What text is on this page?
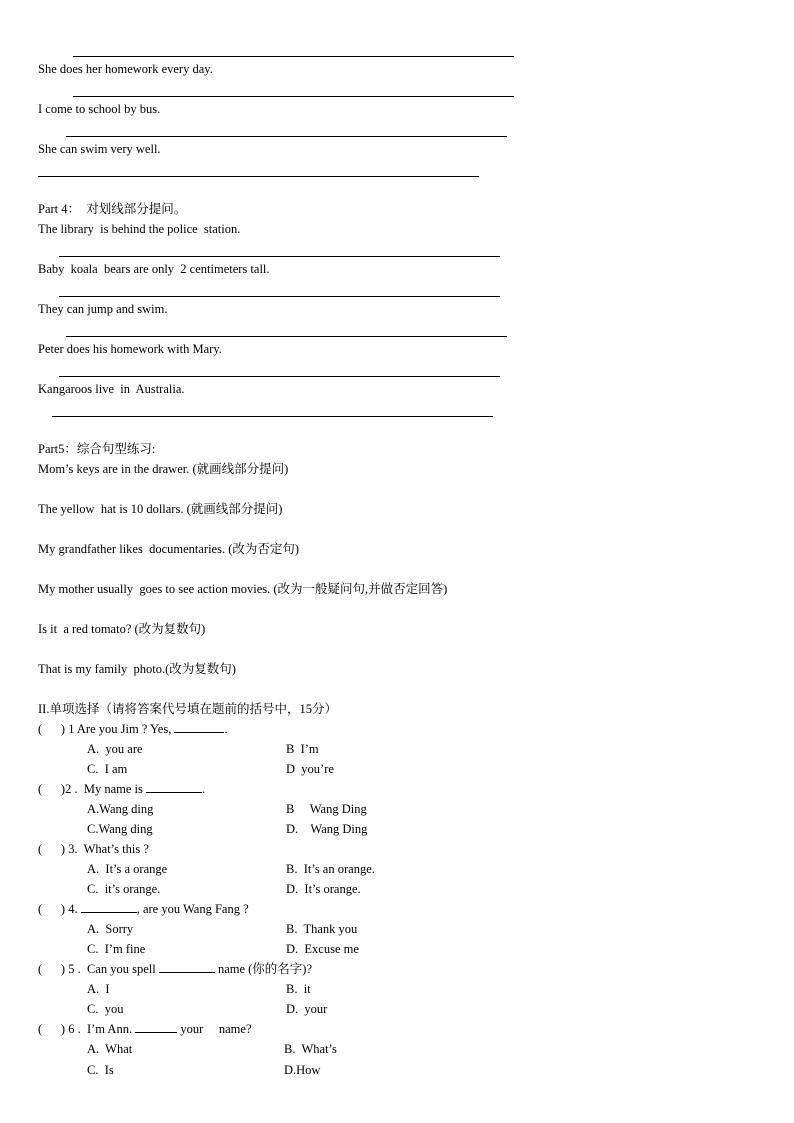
She does her homework every day.
I come to school by bus.
She can swim very well.
Part 4：  对划线部分提问。
The library  is behind the police  station.
Baby  koala  bears are only  2 centimeters tall.
They can jump and swim.
Peter does his homework with Mary.
Kangaroos live  in  Australia.
Part5：综合句型练习:
Mom’s keys are in the drawer. (就画线部分提问)
The yellow  hat is 10 dollars. (就画线部分提问)
My grandfather likes  documentaries. (改为否定句)
My mother usually  goes to see action movies. (改为一般疑问句,并做否定回答)
Is it  a red tomato? (改为复数句)
That is my family  photo.(改为复数句)
II.单项选择（请将答案代号填在题前的括号中，15分）
(      ) 1 Are you Jim ? Yes,	.
A.  you are	B  I’m
C.  I am	D  you’re
(      )2 .  My name is	.
A.Wang ding	B     Wang Ding
C.Wang ding	D.    Wang Ding
(      ) 3.  What’s this ?
A.  It’s a orange	B.  It’s an orange.
C.  it’s orange.	D.  It’s orange.
(      ) 4.	, are you Wang Fang ?
A.  Sorry	B.  Thank you
C.  I’m fine	D.  Excuse me
(      ) 5 .  Can you spell	name (你的名字)?
A.  I	B.  it
C.  you	D.  your
(      ) 6 .  I’m Ann.	your     name?
A.  What	B.  What’s
C.  Is	D.How
